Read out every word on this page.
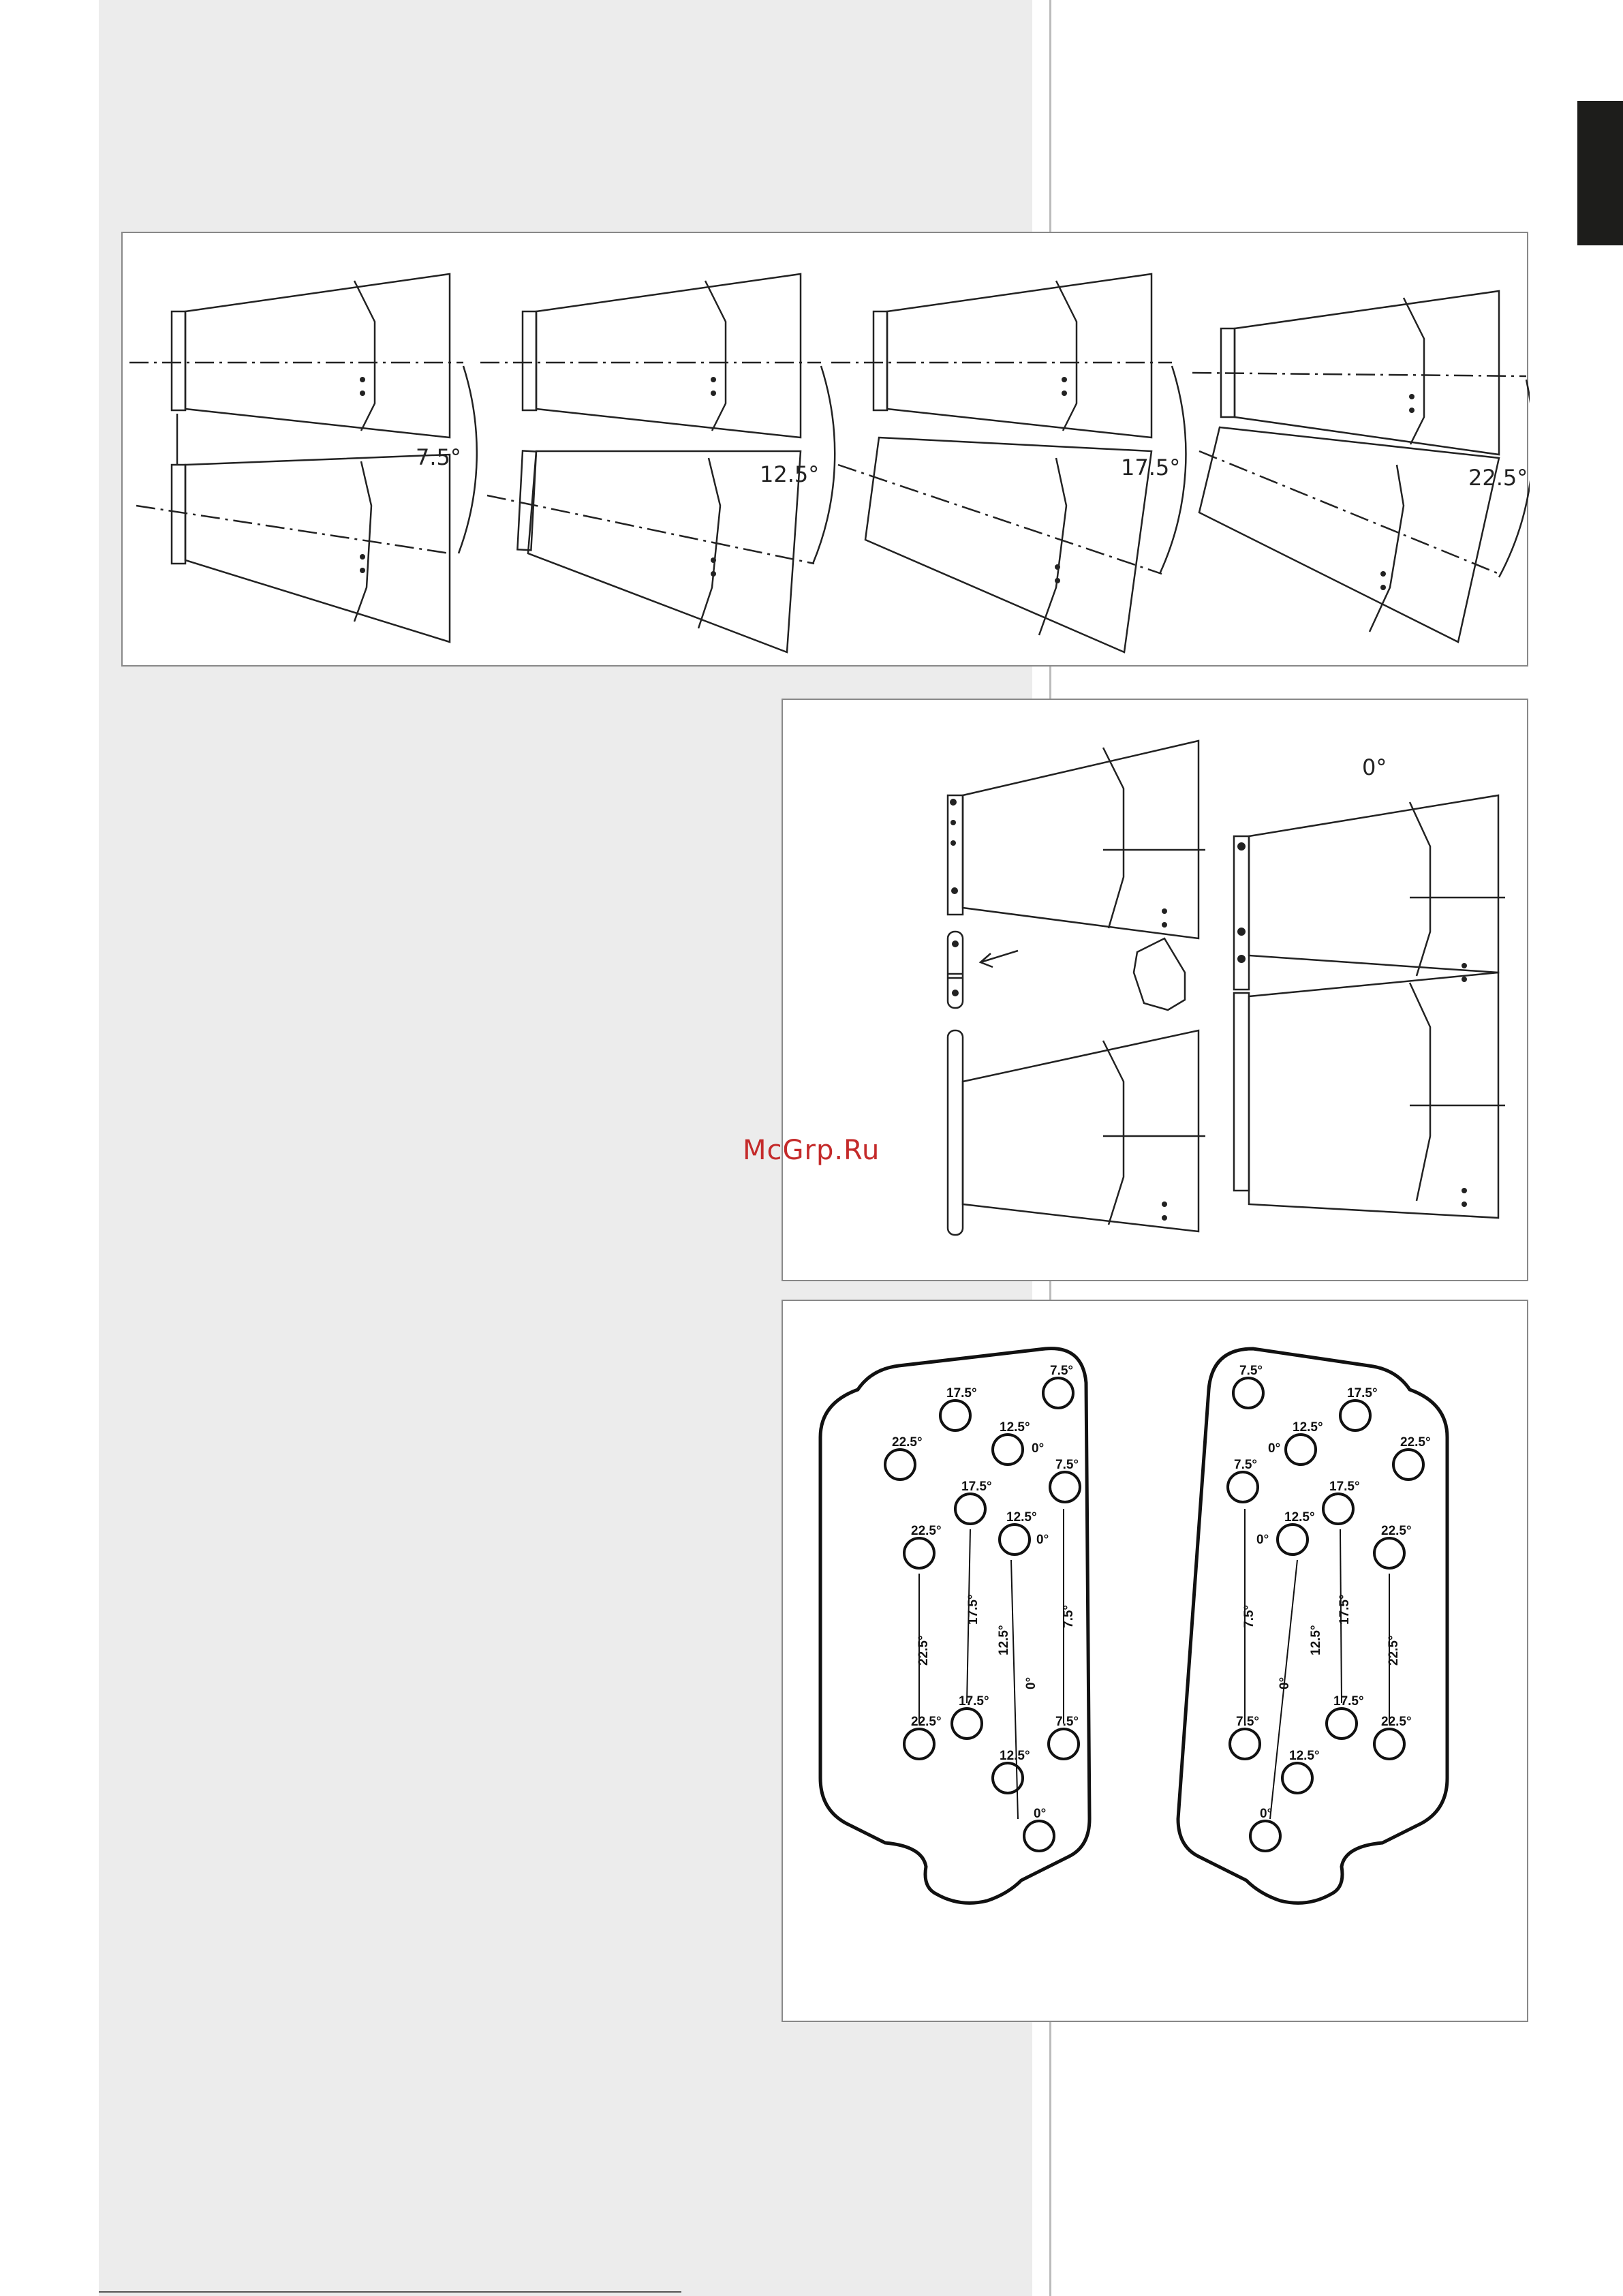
7.5°
12.5°	17.5°	22.5°
0°
McGrp.Ru
7.5°
17.5°
12.5°
0°
22.5°
7.5°
17.5°
12.5°
0°
22.5°
22.5°
17.5°
7.5°
12.5°
0°
22.5°
17.5°
12.5°
0°
7.5°
7.5°
17.5°
12.5°
0°	22.5°
7.5°
17.5°
12.5°
0°
22.5°
7.5°
17.5°
22.5°
12.5°
0°
7.5°
0°
12.5°
17.5°
22.5°
